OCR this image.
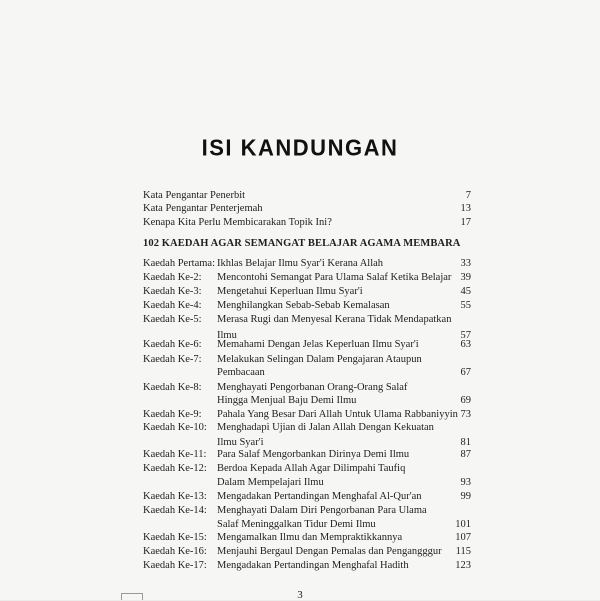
ISI KANDUNGAN
Kata Pengantar Penerbit	7
Kata Pengantar Penterjemah	13
Kenapa Kita Perlu Membicarakan Topik Ini?	17
102 KAEDAH AGAR SEMANGAT BELAJAR AGAMA MEMBARA
Kaedah Pertama: Ikhlas Belajar Ilmu Syar'i Kerana Allah	33
Kaedah Ke-2: Mencontohi Semangat Para Ulama Salaf Ketika Belajar 39
Kaedah Ke-3: Mengetahui Keperluan Ilmu Syar'i	45
Kaedah Ke-4: Menghilangkan Sebab-Sebab Kemalasan	55
Kaedah Ke-5: Merasa Rugi dan Menyesal Kerana Tidak Mendapatkan
Ilmu	57
Kaedah Ke-6: Memahami Dengan Jelas Keperluan Ilmu Syar'i	63
Kaedah Ke-7: Melakukan Selingan Dalam Pengajaran Ataupun
Pembacaan	67
Kaedah Ke-8: Menghayati Pengorbanan Orang-Orang Salaf
Hingga Menjual Baju Demi Ilmu	69
Kaedah Ke-9: Pahala Yang Besar Dari Allah Untuk Ulama Rabbaniyyin 73
Kaedah Ke-10: Menghadapi Ujian di Jalan Allah Dengan Kekuatan
Ilmu Syar'i	81
Kaedah Ke-11: Para Salaf Mengorbankan Dirinya Demi Ilmu	87
Kaedah Ke-12: Berdoa Kepada Allah Agar Dilimpahi Taufiq
Dalam Mempelajari Ilmu	93
Kaedah Ke-13: Mengadakan Pertandingan Menghafal Al-Qur'an	99
Kaedah Ke-14: Menghayati Dalam Diri Pengorbanan Para Ulama
Salaf Meninggalkan Tidur Demi Ilmu	101
Kaedah Ke-15: Mengamalkan Ilmu dan Mempraktikkannya	107
Kaedah Ke-16: Menjauhi Bergaul Dengan Pemalas dan Pengangggur 115
Kaedah Ke-17: Mengadakan Pertandingan Menghafal Hadith	123
3
